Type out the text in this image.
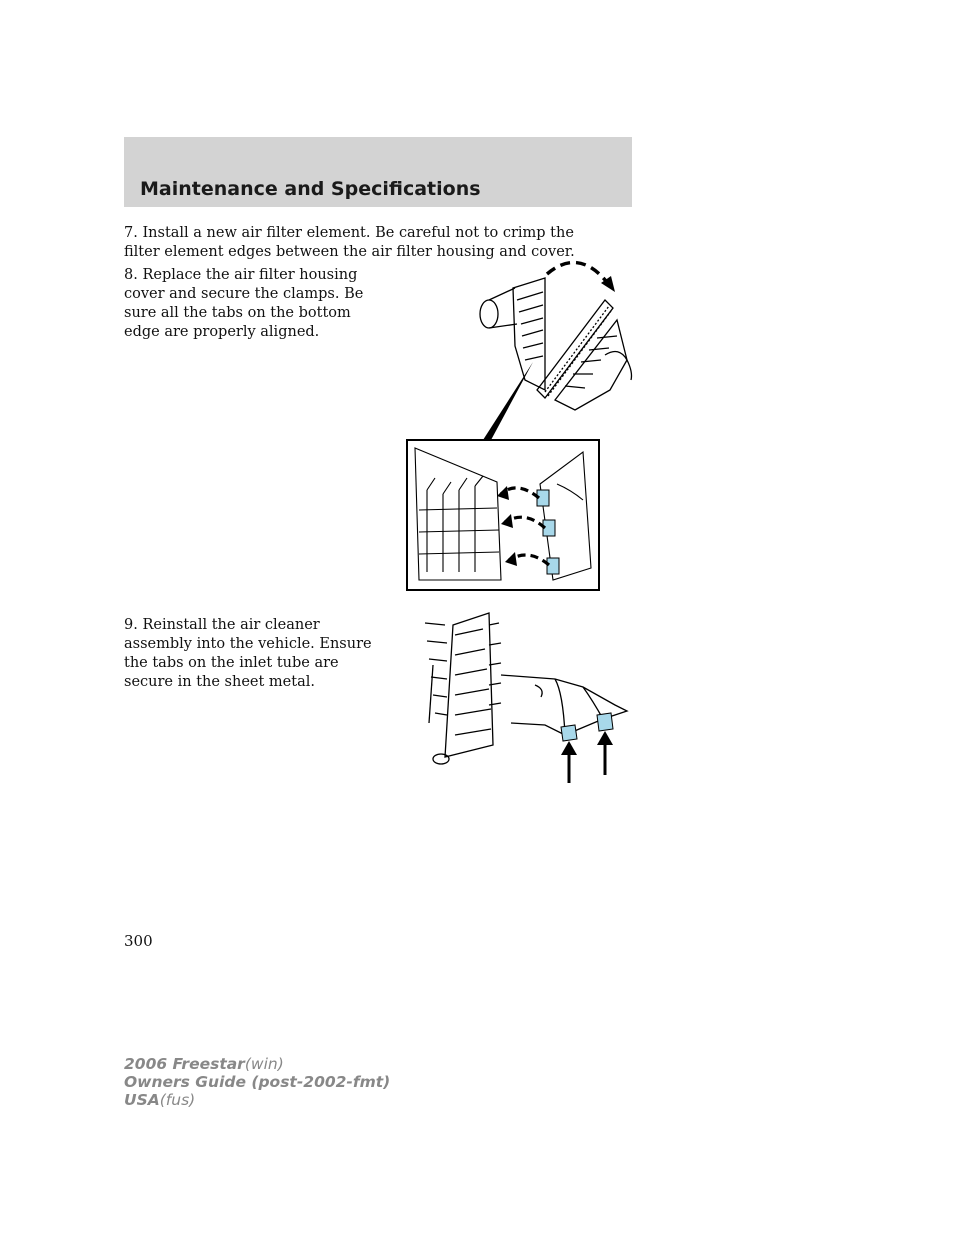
Maintenance and Specifications

7. Install a new air filter element. Be careful not to crimp the filter element edges between the air filter housing and cover.

8. Replace the air filter housing cover and secure the clamps. Be sure all the tabs on the bottom edge are properly aligned.

9. Reinstall the air cleaner assembly into the vehicle. Ensure the tabs on the inlet tube are secure in the sheet metal.

300
2006 Freestar(win)
Owners Guide (post-2002-fmt)
USA(fus)
